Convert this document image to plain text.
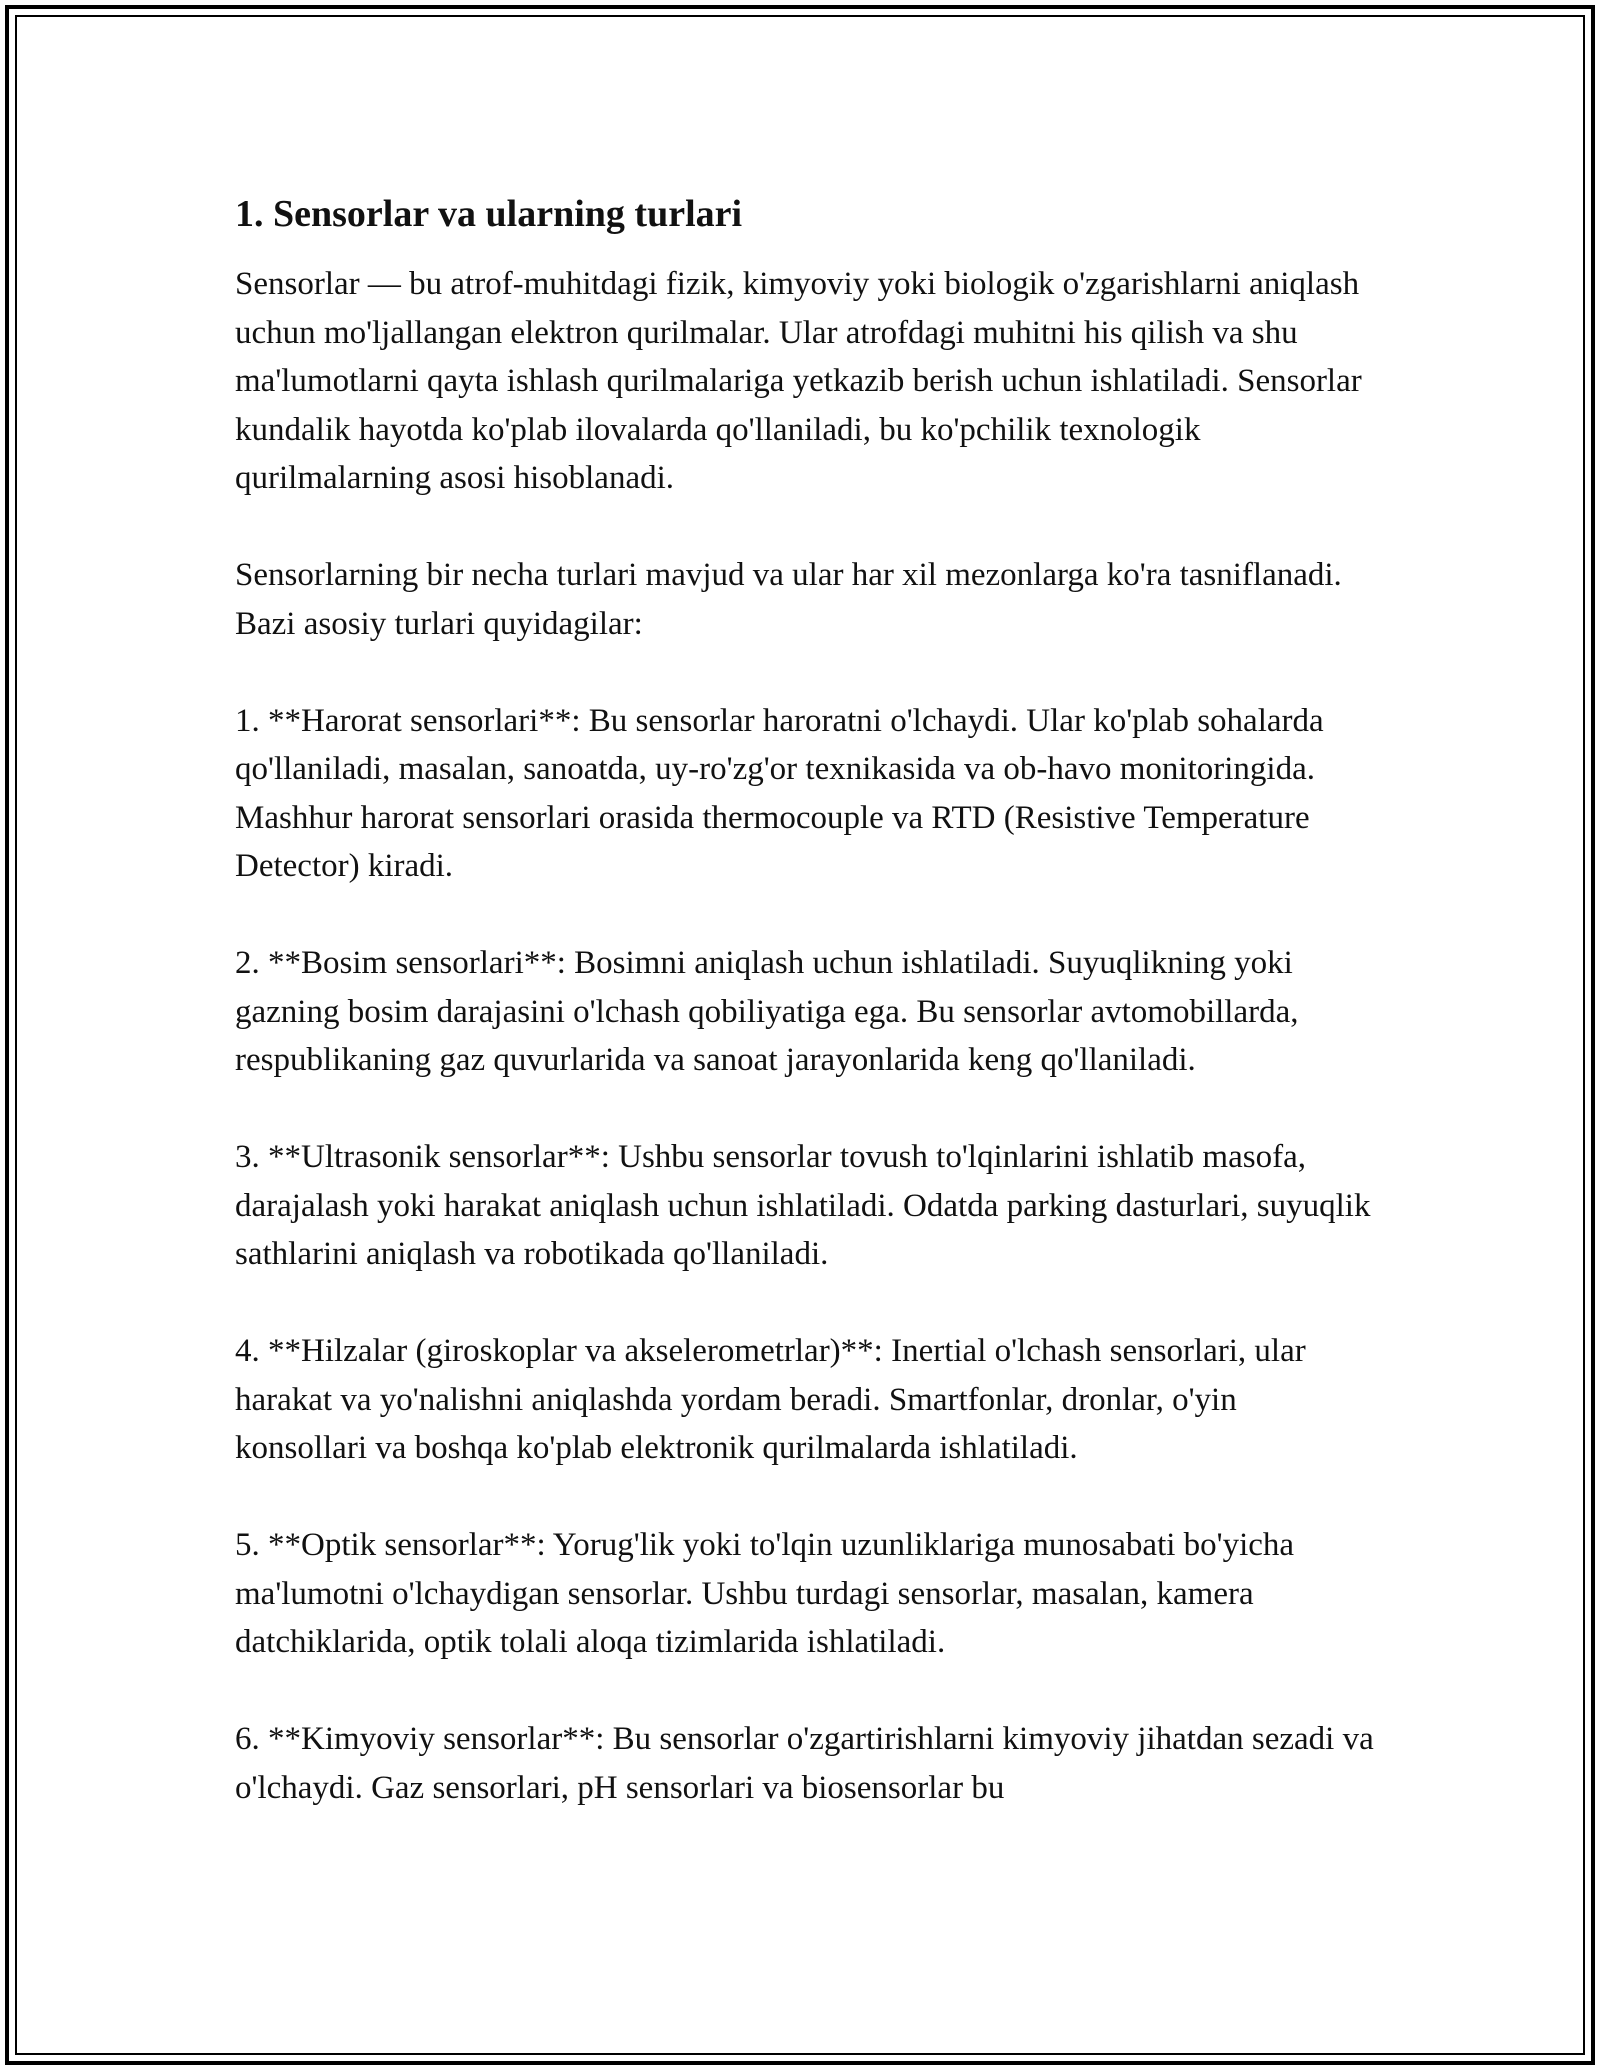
1. Sensorlar va ularning turlari

Sensorlar — bu atrof-muhitdagi fizik, kimyoviy yoki biologik o'zgarishlarni aniqlash uchun mo'ljallangan elektron qurilmalar. Ular atrofdagi muhitni his qilish va shu ma'lumotlarni qayta ishlash qurilmalariga yetkazib berish uchun ishlatiladi. Sensorlar kundalik hayotda ko'plab ilovalarda qo'llaniladi, bu ko'pchilik texnologik qurilmalarning asosi hisoblanadi.

Sensorlarning bir necha turlari mavjud va ular har xil mezonlarga ko'ra tasniflanadi. Bazi asosiy turlari quyidagilar:

1. **Harorat sensorlari**: Bu sensorlar haroratni o'lchaydi. Ular ko'plab sohalarda qo'llaniladi, masalan, sanoatda, uy-ro'zg'or texnikasida va ob-havo monitoringida. Mashhur harorat sensorlari orasida thermocouple va RTD (Resistive Temperature Detector) kiradi.

2. **Bosim sensorlari**: Bosimni aniqlash uchun ishlatiladi. Suyuqlikning yoki gazning bosim darajasini o'lchash qobiliyatiga ega. Bu sensorlar avtomobillarda, respublikaning gaz quvurlarida va sanoat jarayonlarida keng qo'llaniladi.

3. **Ultrasonik sensorlar**: Ushbu sensorlar tovush to'lqinlarini ishlatib masofa, darajalash yoki harakat aniqlash uchun ishlatiladi. Odatda parking dasturlari, suyuqlik sathlarini aniqlash va robotikada qo'llaniladi.

4. **Hilzalar (giroskoplar va akselerometrlar)**: Inertial o'lchash sensorlari, ular harakat va yo'nalishni aniqlashda yordam beradi. Smartfonlar, dronlar, o'yin konsollari va boshqa ko'plab elektronik qurilmalarda ishlatiladi.

5. **Optik sensorlar**: Yorug'lik yoki to'lqin uzunliklariga munosabati bo'yicha ma'lumotni o'lchaydigan sensorlar. Ushbu turdagi sensorlar, masalan, kamera datchiklarida, optik tolali aloqa tizimlarida ishlatiladi.

6. **Kimyoviy sensorlar**: Bu sensorlar o'zgartirishlarni kimyoviy jihatdan sezadi va o'lchaydi. Gaz sensorlari, pH sensorlari va biosensorlar bu
